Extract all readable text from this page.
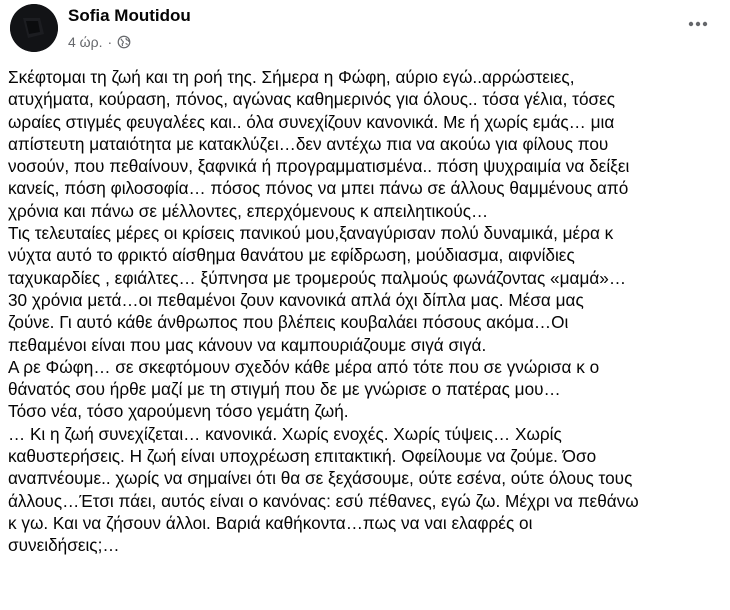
Sofia Moutidou
4 ώρ. ·

Σκέφτομαι τη ζωή και τη ροή της. Σήμερα η Φώφη, αύριο εγώ..αρρώστειες,

ατυχήματα, κούραση, πόνος, αγώνας καθημερινός για όλους.. τόσα γέλια, τόσες

ωραίες στιγμές φευγαλέες και.. όλα συνεχίζουν κανονικά. Με ή χωρίς εμάς… μια

απίστευτη ματαιότητα με κατακλύζει…δεν αντέχω πια να ακούω για φίλους που

νοσούν, που πεθαίνουν, ξαφνικά ή προγραμματισμένα.. πόση ψυχραιμία να δείξει

κανείς, πόση φιλοσοφία… πόσος πόνος να μπει πάνω σε άλλους θαμμένους από

χρόνια και πάνω σε μέλλοντες, επερχόμενους κ απειλητικούς…

Τις τελευταίες μέρες οι κρίσεις πανικού μου,ξαναγύρισαν πολύ δυναμικά, μέρα κ

νύχτα αυτό το φρικτό αίσθημα θανάτου με εφίδρωση, μούδιασμα, αιφνίδιες

ταχυκαρδίες , εφιάλτες… ξύπνησα με τρομερούς παλμούς φωνάζοντας «μαμά»…

30 χρόνια μετά…οι πεθαμένοι ζουν κανονικά απλά όχι δίπλα μας. Μέσα μας

ζούνε. Γι αυτό κάθε άνθρωπος που βλέπεις κουβαλάει πόσους ακόμα…Οι

πεθαμένοι είναι που μας κάνουν να καμπουριάζουμε σιγά σιγά.

Α ρε Φώφη… σε σκεφτόμουν σχεδόν κάθε μέρα από τότε που σε γνώρισα κ ο

θάνατός σου ήρθε μαζί με τη στιγμή που δε με γνώρισε ο πατέρας μου…

Τόσο νέα, τόσο χαρούμενη τόσο γεμάτη ζωή.

… Κι η ζωή συνεχίζεται… κανονικά. Χωρίς ενοχές. Χωρίς τύψεις… Χωρίς

καθυστερήσεις. Η ζωή είναι υποχρέωση επιτακτική. Οφείλουμε να ζούμε. Όσο

αναπνέουμε.. χωρίς να σημαίνει ότι θα σε ξεχάσουμε, ούτε εσένα, ούτε όλους τους

άλλους…Έτσι πάει, αυτός είναι ο κανόνας: εσύ πέθανες, εγώ ζω. Μέχρι να πεθάνω

κ γω. Και να ζήσουν άλλοι. Βαριά καθήκοντα…πως να ναι ελαφρές οι

συνειδήσεις;…
